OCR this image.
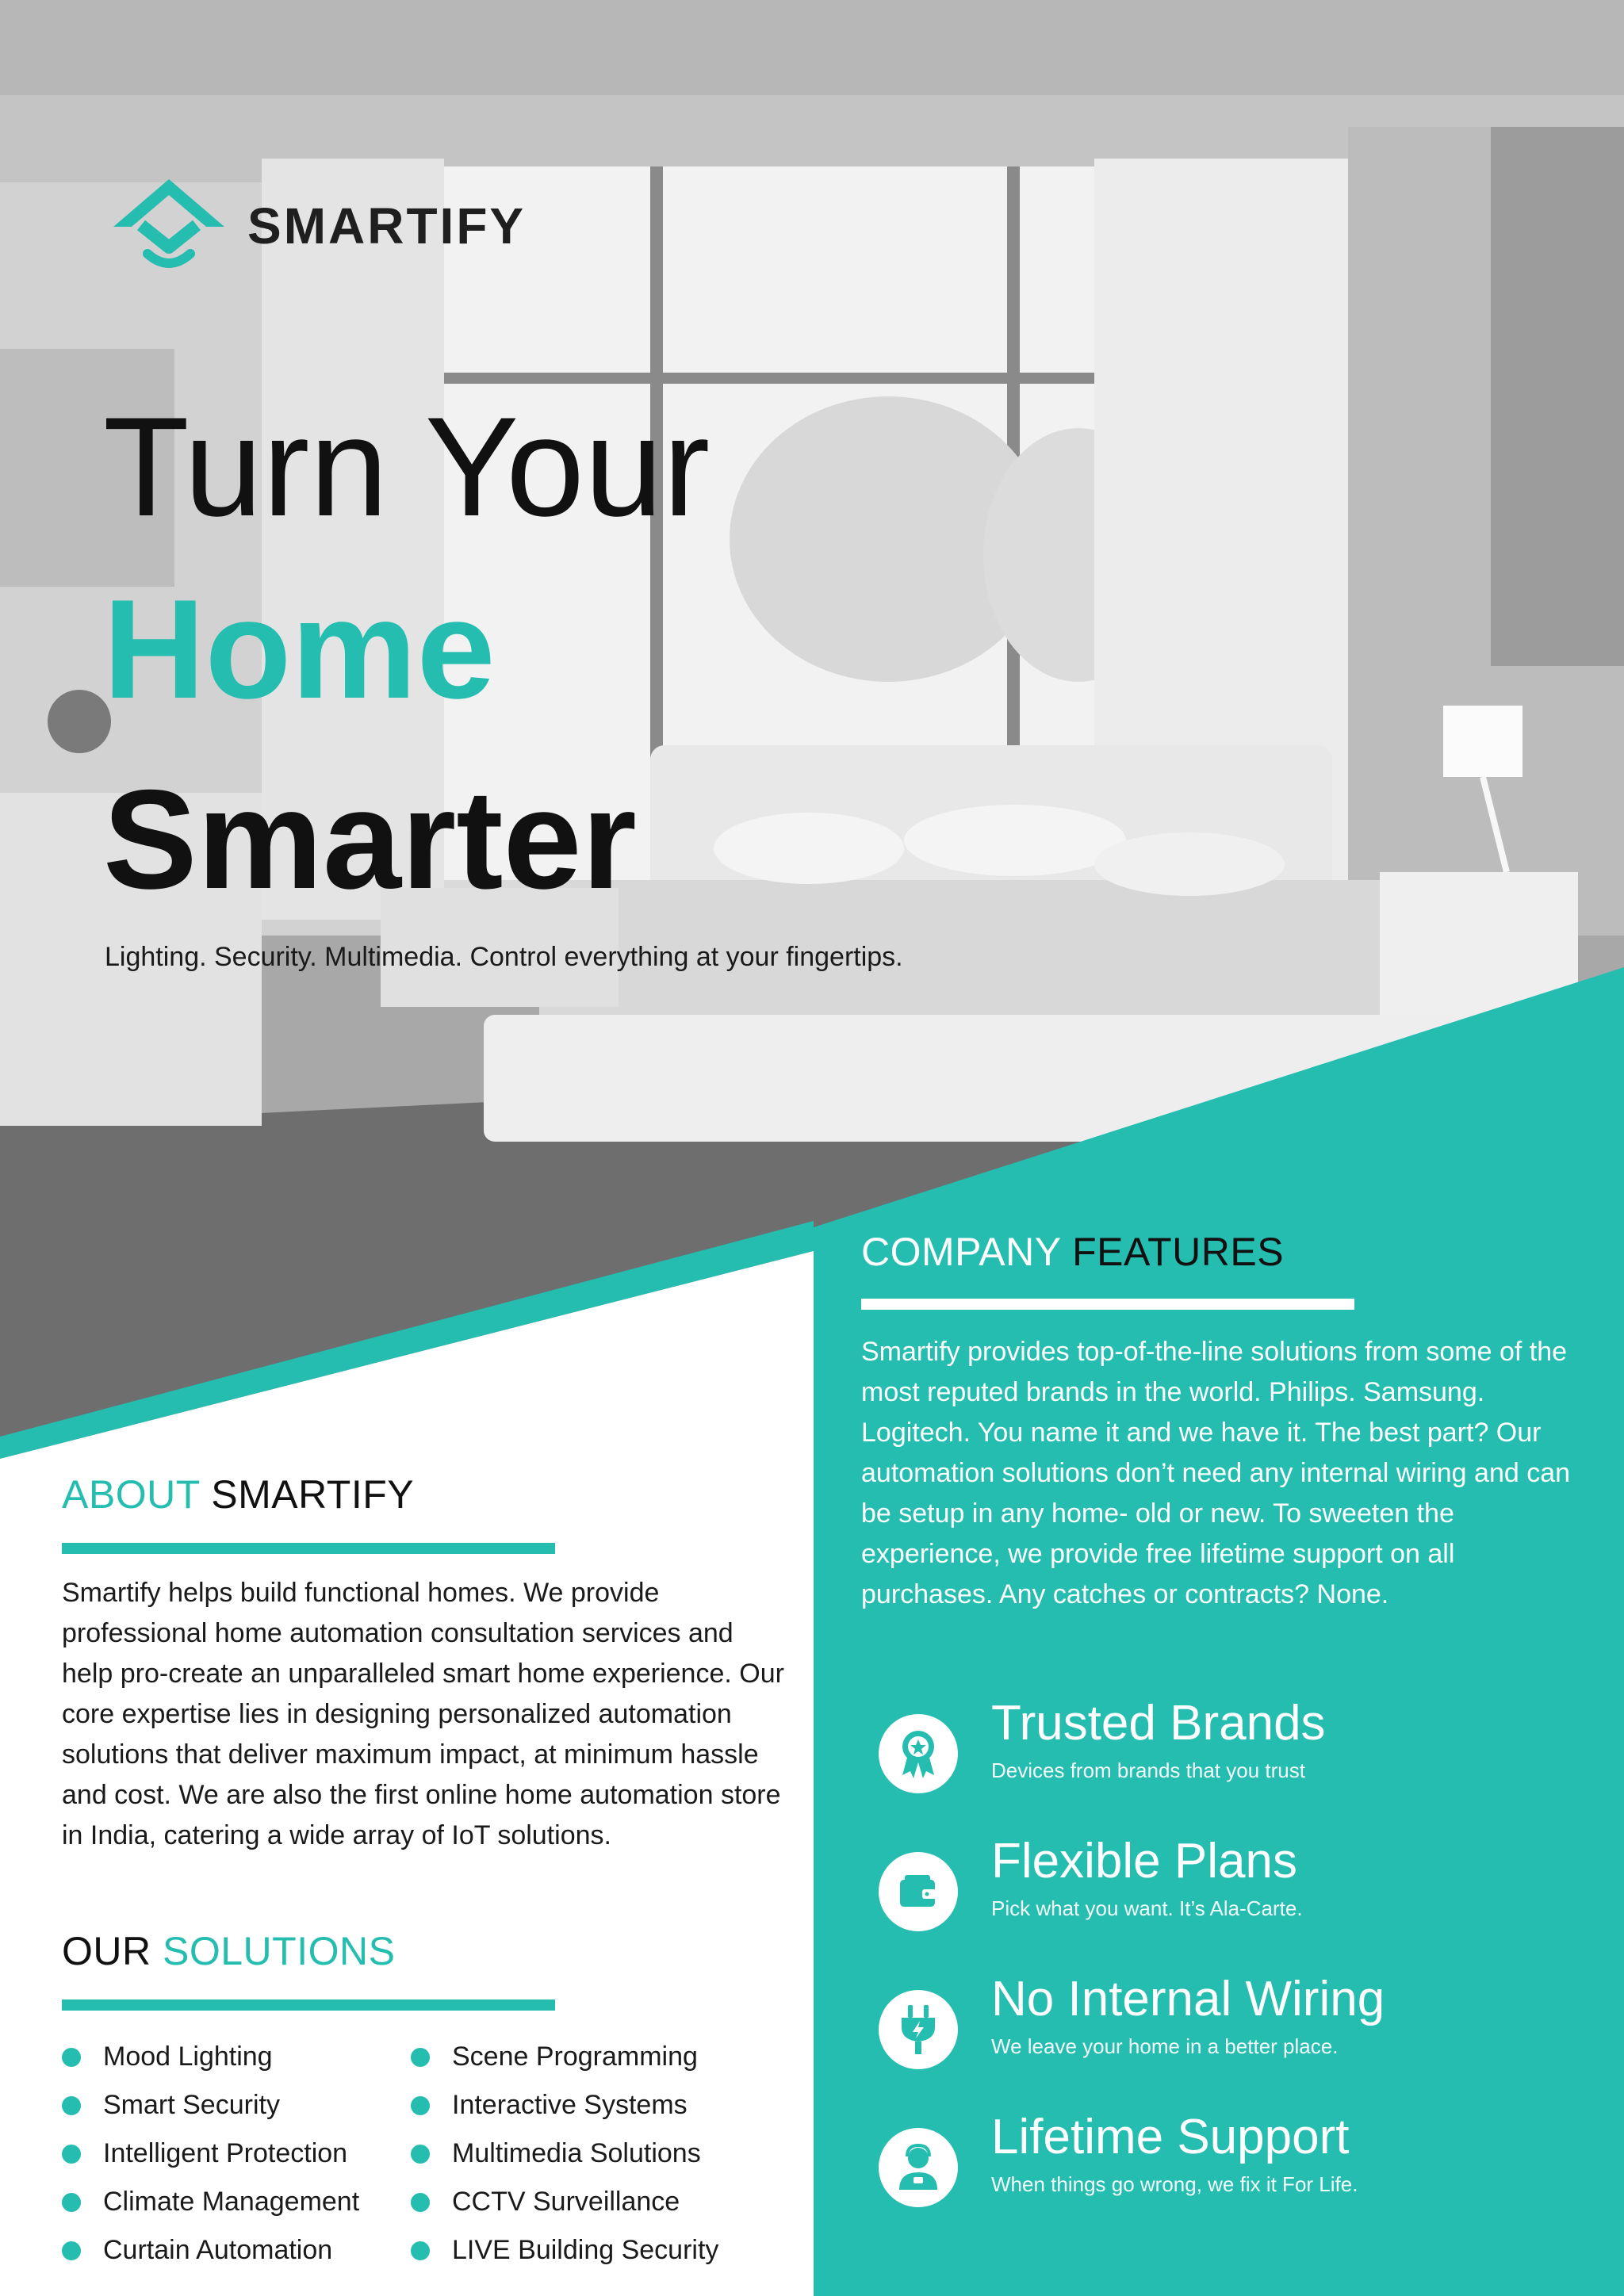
SMARTIFY
Turn Your
Home
Smarter
Lighting. Security. Multimedia. Control everything at your fingertips.
ABOUT SMARTIFY

Smartify helps build functional homes. We provide professional home automation consultation services and help pro-create an unparalleled smart home experience. Our core expertise lies in designing personalized automation solutions that deliver maximum impact, at minimum hassle and cost. We are also the first online home automation store in India, catering a wide array of IoT solutions.

OUR SOLUTIONS
Mood Lighting
Smart Security
Intelligent Protection
Climate Management
Curtain Automation
Scene Programming
Interactive Systems
Multimedia Solutions
CCTV Surveillance
LIVE Building Security
COMPANY FEATURES

Smartify provides top-of-the-line solutions from some of the most reputed brands in the world. Philips. Samsung. Logitech. You name it and we have it. The best part? Our automation solutions don’t need any internal wiring and can be setup in any home- old or new. To sweeten the experience, we provide free lifetime support on all purchases. Any catches or contracts? None.

Trusted Brands
Devices from brands that you trust
Flexible Plans
Pick what you want. It’s Ala-Carte.
No Internal Wiring
We leave your home in a better place.
Lifetime Support
When things go wrong, we fix it For Life.
